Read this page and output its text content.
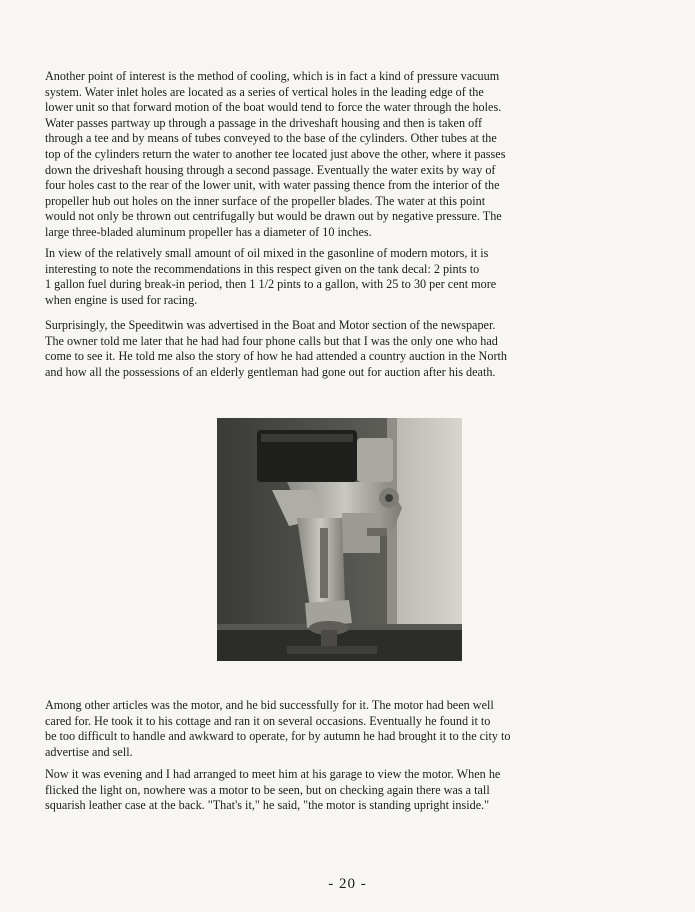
Another point of interest is the method of cooling, which is in fact a kind of pressure vacuum
system. Water inlet holes are located as a series of vertical holes in the leading edge of the
lower unit so that forward motion of the boat would tend to force the water through the holes.
Water passes partway up through a passage in the driveshaft housing and then is taken off
through a tee and by means of tubes conveyed to the base of the cylinders. Other tubes at the
top of the cylinders return the water to another tee located just above the other, where it passes
down the driveshaft housing through a second passage. Eventually the water exits by way of
four holes cast to the rear of the lower unit, with water passing thence from the interior of the
propeller hub out holes on the inner surface of the propeller blades. The water at this point
would not only be thrown out centrifugally but would be drawn out by negative pressure. The
large three-bladed aluminum propeller has a diameter of 10 inches.

In view of the relatively small amount of oil mixed in the gasonline of modern motors, it is
interesting to note the recommendations in this respect given on the tank decal: 2 pints to
1 gallon fuel during break-in period, then 1 1/2 pints to a gallon, with 25 to 30 per cent more
when engine is used for racing.

Surprisingly, the Speeditwin was advertised in the Boat and Motor section of the newspaper.
The owner told me later that he had had four phone calls but that I was the only one who had
come to see it. He told me also the story of how he had attended a country auction in the North
and how all the possessions of an elderly gentleman had gone out for auction after his death.

Among other articles was the motor, and he bid successfully for it. The motor had been well
cared for. He took it to his cottage and ran it on several occasions. Eventually he found it to
be too difficult to handle and awkward to operate, for by autumn he had brought it to the city to
advertise and sell.

Now it was evening and I had arranged to meet him at his garage to view the motor. When he
flicked the light on, nowhere was a motor to be seen, but on checking again there was a tall
squarish leather case at the back. "That's it," he said, "the motor is standing upright inside."

- 20 -
